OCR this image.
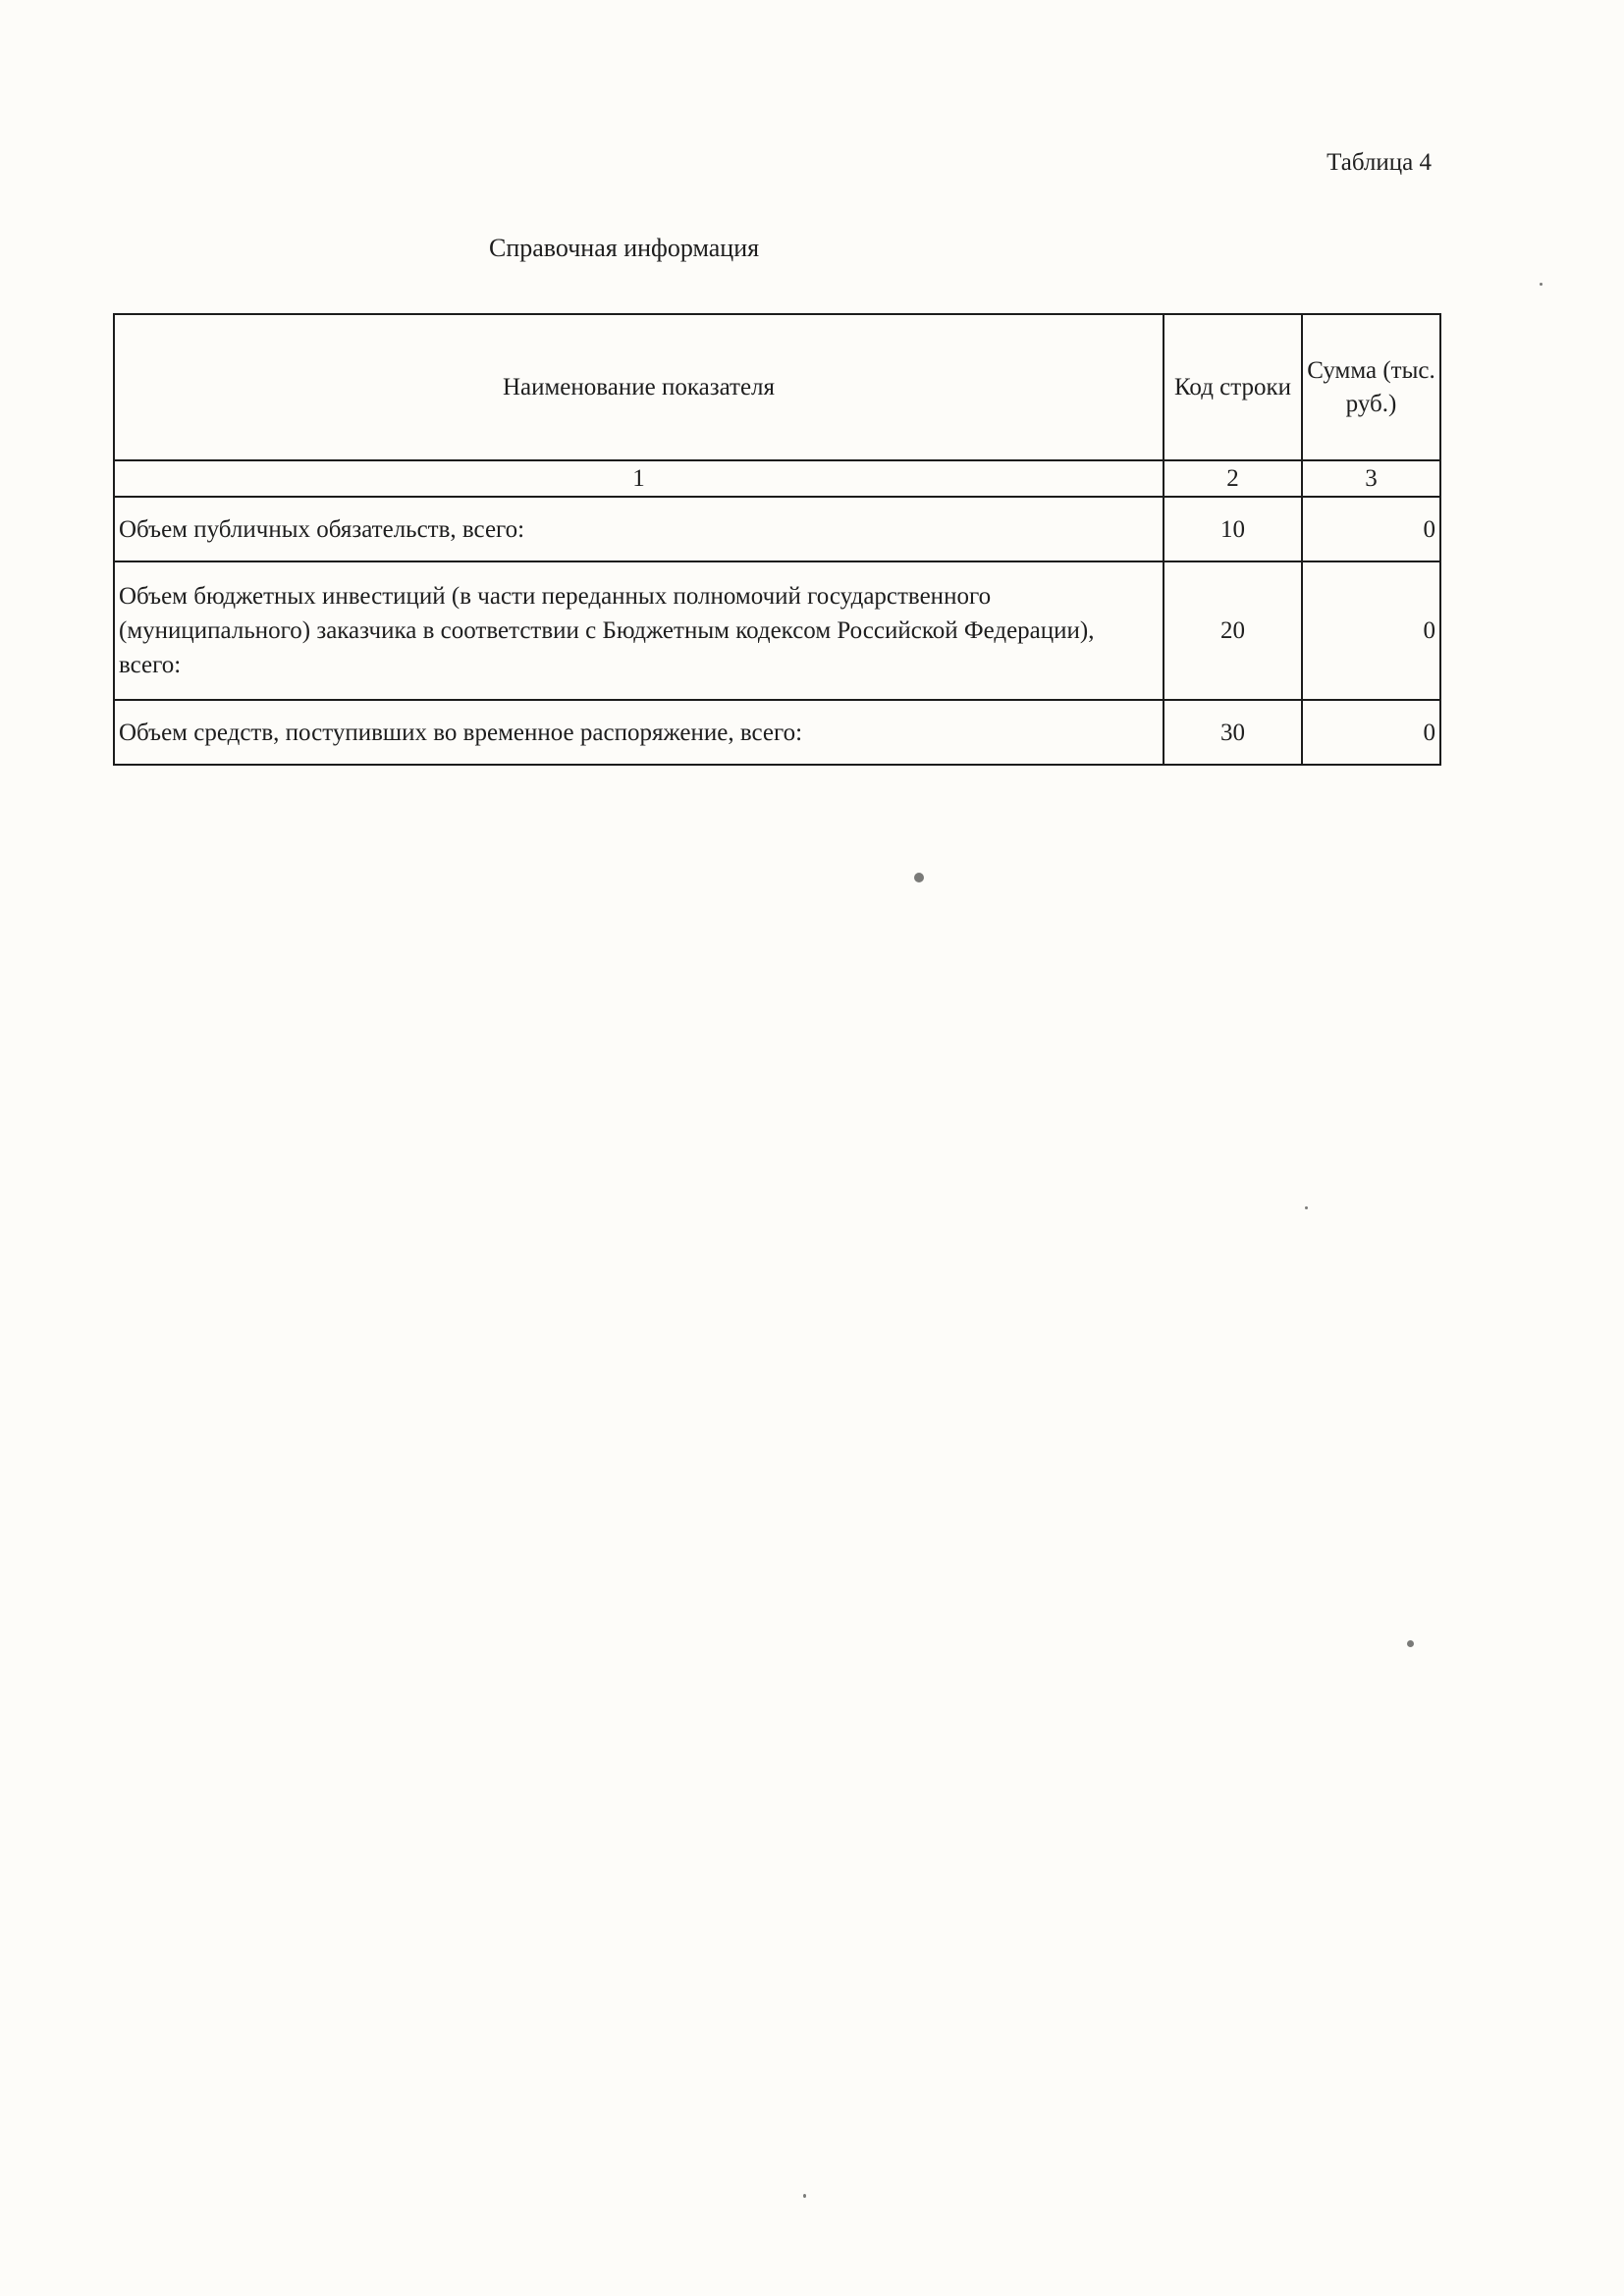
Таблица 4
Справочная информация
Наименование показателя	Код строки	Сумма (тыс. руб.)
1	2	3
Объем публичных обязательств, всего:	10	0
Объем бюджетных инвестиций (в части переданных полномочий государственного (муниципального) заказчика в соответствии с Бюджетным кодексом Российской Федерации), всего:	20	0
Объем средств, поступивших во временное распоряжение, всего:	30	0
